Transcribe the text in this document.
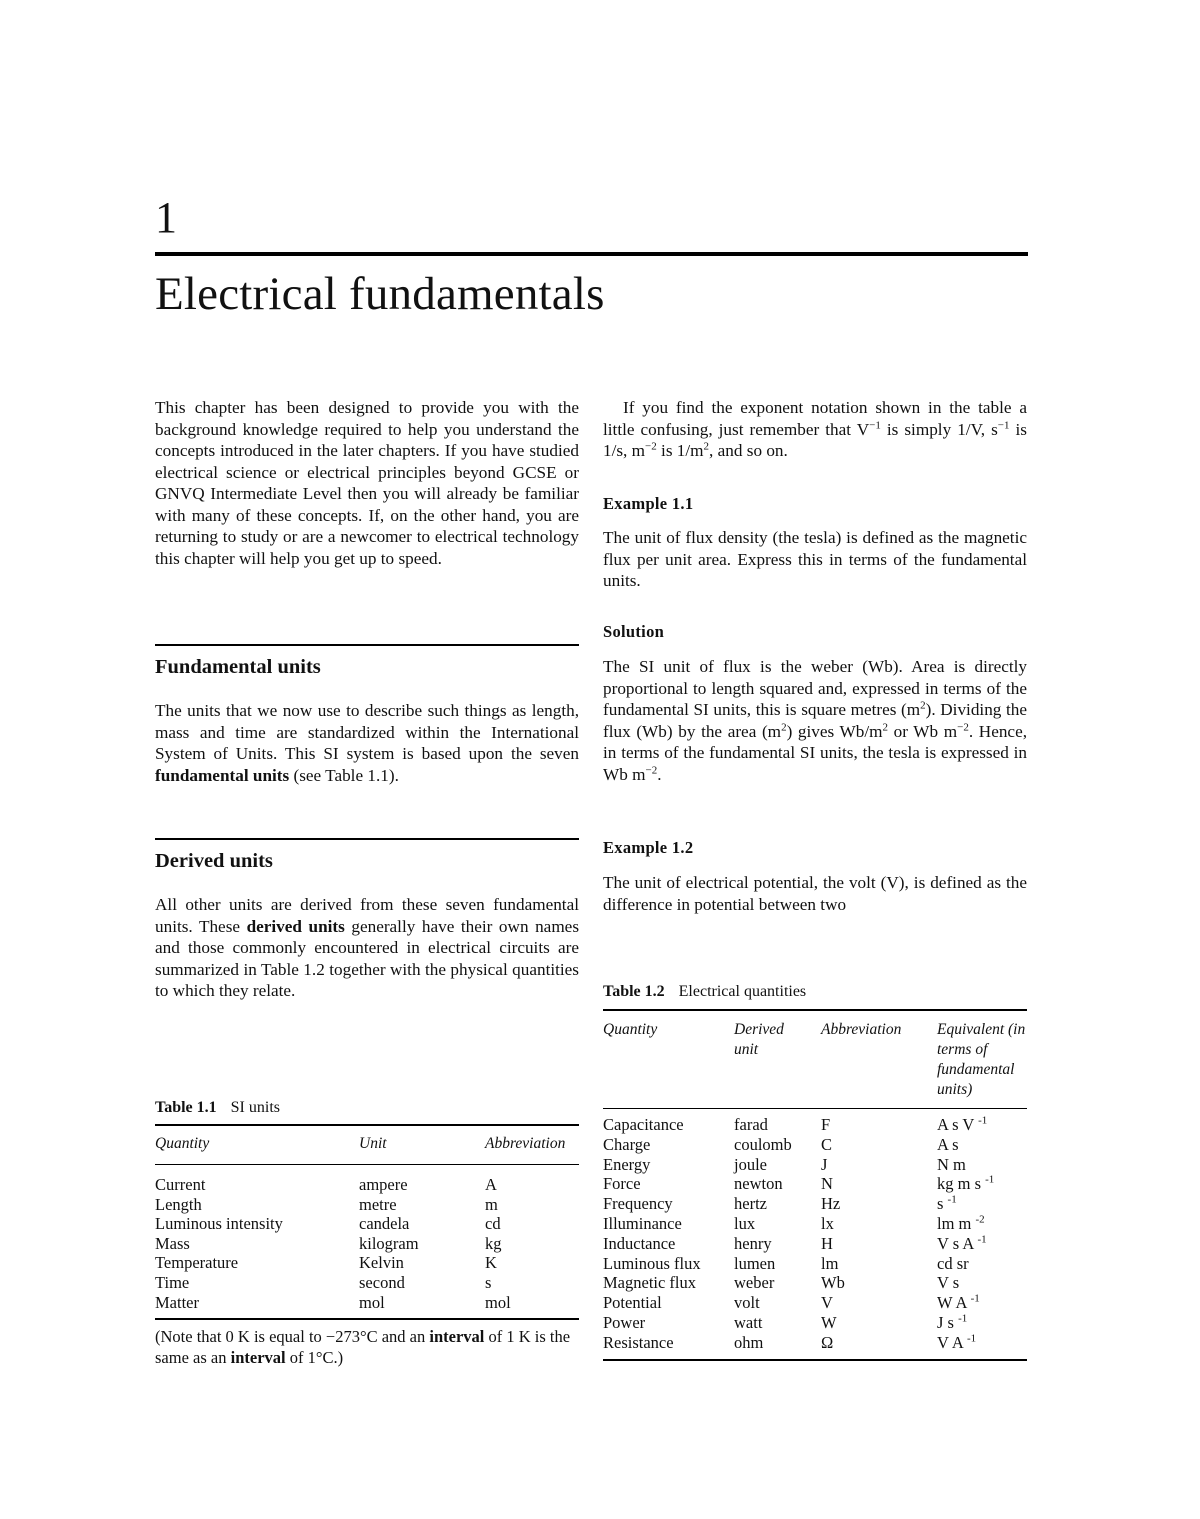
1
Electrical fundamentals

This chapter has been designed to provide you with the background knowledge required to help you understand the concepts introduced in the later chapters. If you have studied electrical science or electrical principles beyond GCSE or GNVQ Intermediate Level then you will already be familiar with many of these concepts. If, on the other hand, you are returning to study or are a newcomer to electrical technology this chapter will help you get up to speed.

Fundamental units

The units that we now use to describe such things as length, mass and time are standardized within the International System of Units. This SI system is based upon the seven fundamental units (see Table 1.1).

Derived units

All other units are derived from these seven fundamental units. These derived units generally have their own names and those commonly encountered in electrical circuits are summarized in Table 1.2 together with the physical quantities to which they relate.

Table 1.1 SI units
Quantity	Unit	Abbreviation
Current	ampere	A
Length	metre	m
Luminous intensity	candela	cd
Mass	kilogram	kg
Temperature	Kelvin	K
Time	second	s
Matter	mol	mol
(Note that 0 K is equal to −273°C and an interval of 1 K is the same as an interval of 1°C.)

If you find the exponent notation shown in the table a little confusing, just remember that $V^{-1}$ is simply 1/V, $s^{-1}$ is 1/s, $m^{-2}$ is $1/m^2$, and so on.

Example 1.1

The unit of flux density (the tesla) is defined as the magnetic flux per unit area. Express this in terms of the fundamental units.

Solution

The SI unit of flux is the weber (Wb). Area is directly proportional to length squared and, expressed in terms of the fundamental SI units, this is square metres $(m^2)$. Dividing the flux (Wb) by the area $(m^2)$ gives $Wb/m^2$ or Wb $m^{-2}$. Hence, in terms of the fundamental SI units, the tesla is expressed in Wb $m^{-2}$.

Example 1.2

The unit of electrical potential, the volt (V), is defined as the difference in potential between two

Table 1.2 Electrical quantities
Quantity	Derived unit	Abbreviation	Equivalent (in terms of fundamental units)
Capacitance	farad	F	A s V $^{-1}$
Charge	coulomb	C	A s
Energy	joule	J	N m
Force	newton	N	kg m s $^{-1}$
Frequency	hertz	Hz	s $^{-1}$
Illuminance	lux	lx	lm m $^{-2}$
Inductance	henry	H	V s A $^{-1}$
Luminous flux	lumen	lm	cd sr
Magnetic flux	weber	Wb	V s
Potential	volt	V	W A $^{-1}$
Power	watt	W	J s $^{-1}$
Resistance	ohm	Ω	V A $^{-1}$
